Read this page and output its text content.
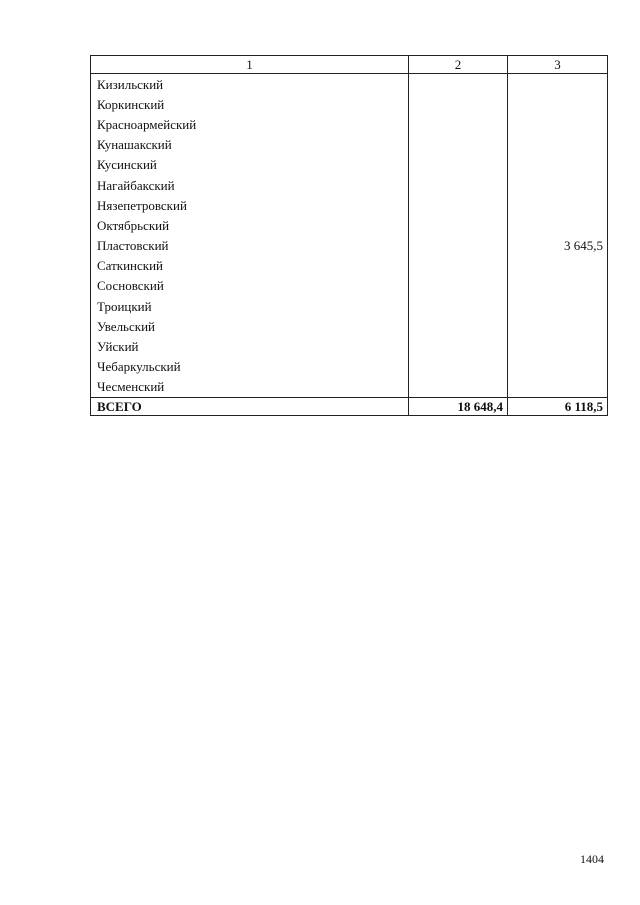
1	2	3
Кизильский		
Коркинский		
Красноармейский		
Кунашакский		
Кусинский		
Нагайбакский		
Нязепетровский		
Октябрьский		
Пластовский		3 645,5
Саткинский		
Сосновский		
Троицкий		
Увельский		
Уйский		
Чебаркульский		
Чесменский		
ВСЕГО	18 648,4	6 118,5
1404
